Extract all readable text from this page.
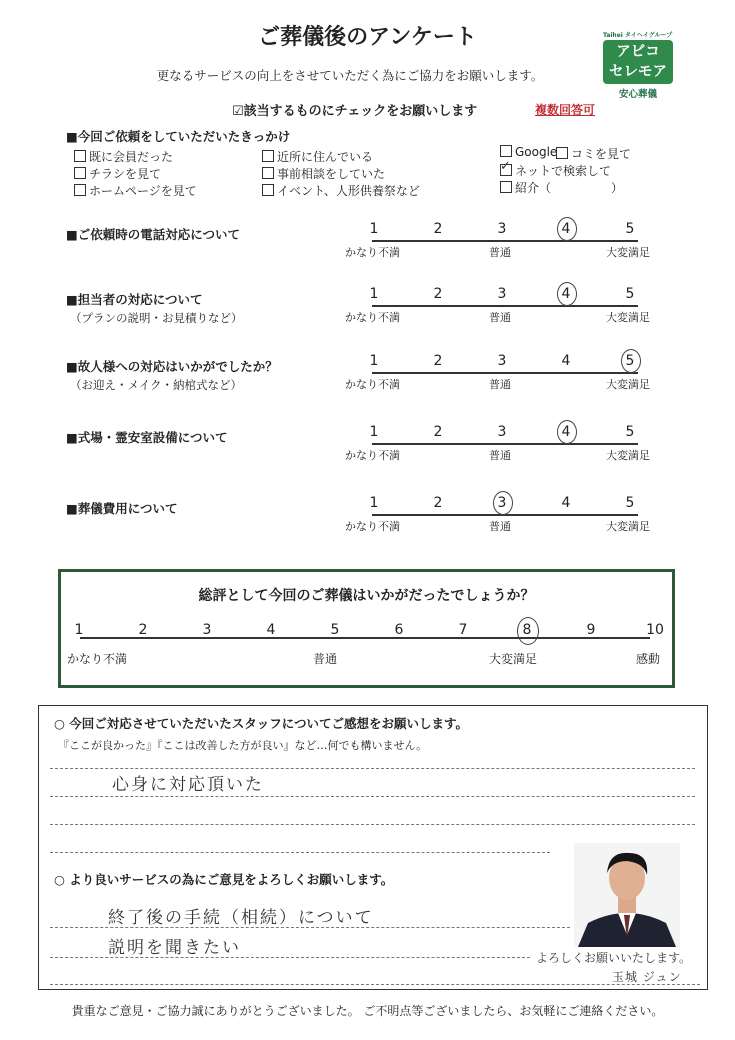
ご葬儀後のアンケート
更なるサービスの向上をさせていただく為にご協力をお願いします。
Taihei タイヘイグループ
アビコ
セレモア
安心葬儀
☑該当するものにチェックをお願いします	複数回答可
■今回ご依頼をしていただいたきっかけ
既に会員だった
チラシを見て
ホームページを見て
近所に住んでいる
事前相談をしていた
イベント、人形供養祭など
Google	コミを見て
✓ネットで検索して
紹介（　　　　　）
■ご依頼時の電話対応について	1	2	3	4	5
かなり不満	普通	大変満足
■担当者の対応について
（プランの説明・お見積りなど）
1	2	3	4	5
かなり不満	普通	大変満足
■故人様への対応はいかがでしたか？
（お迎え・メイク・納棺式など）
1	2	3	4	5
かなり不満	普通	大変満足
■式場・霊安室設備について	1	2	3	4	5
かなり不満	普通	大変満足
■葬儀費用について	1	2	3	4	5
かなり不満	普通	大変満足
総評として今回のご葬儀はいかがだったでしょうか？
1	2	3	4	5	6	7	8	9	10
かなり不満	普通	大変満足	感動
○ 今回ご対応させていただいたスタッフについてご感想をお願いします。
『ここが良かった』『ここは改善した方が良い』など…何でも構いません。
心身に対応頂いた
○ より良いサービスの為にご意見をよろしくお願いします。
終了後の手続（相続）について
説明を聞きたい	よろしくお願いいたします。
玉城 ジュン
貴重なご意見・ご協力誠にありがとうございました。 ご不明点等ございましたら、お気軽にご連絡ください。
